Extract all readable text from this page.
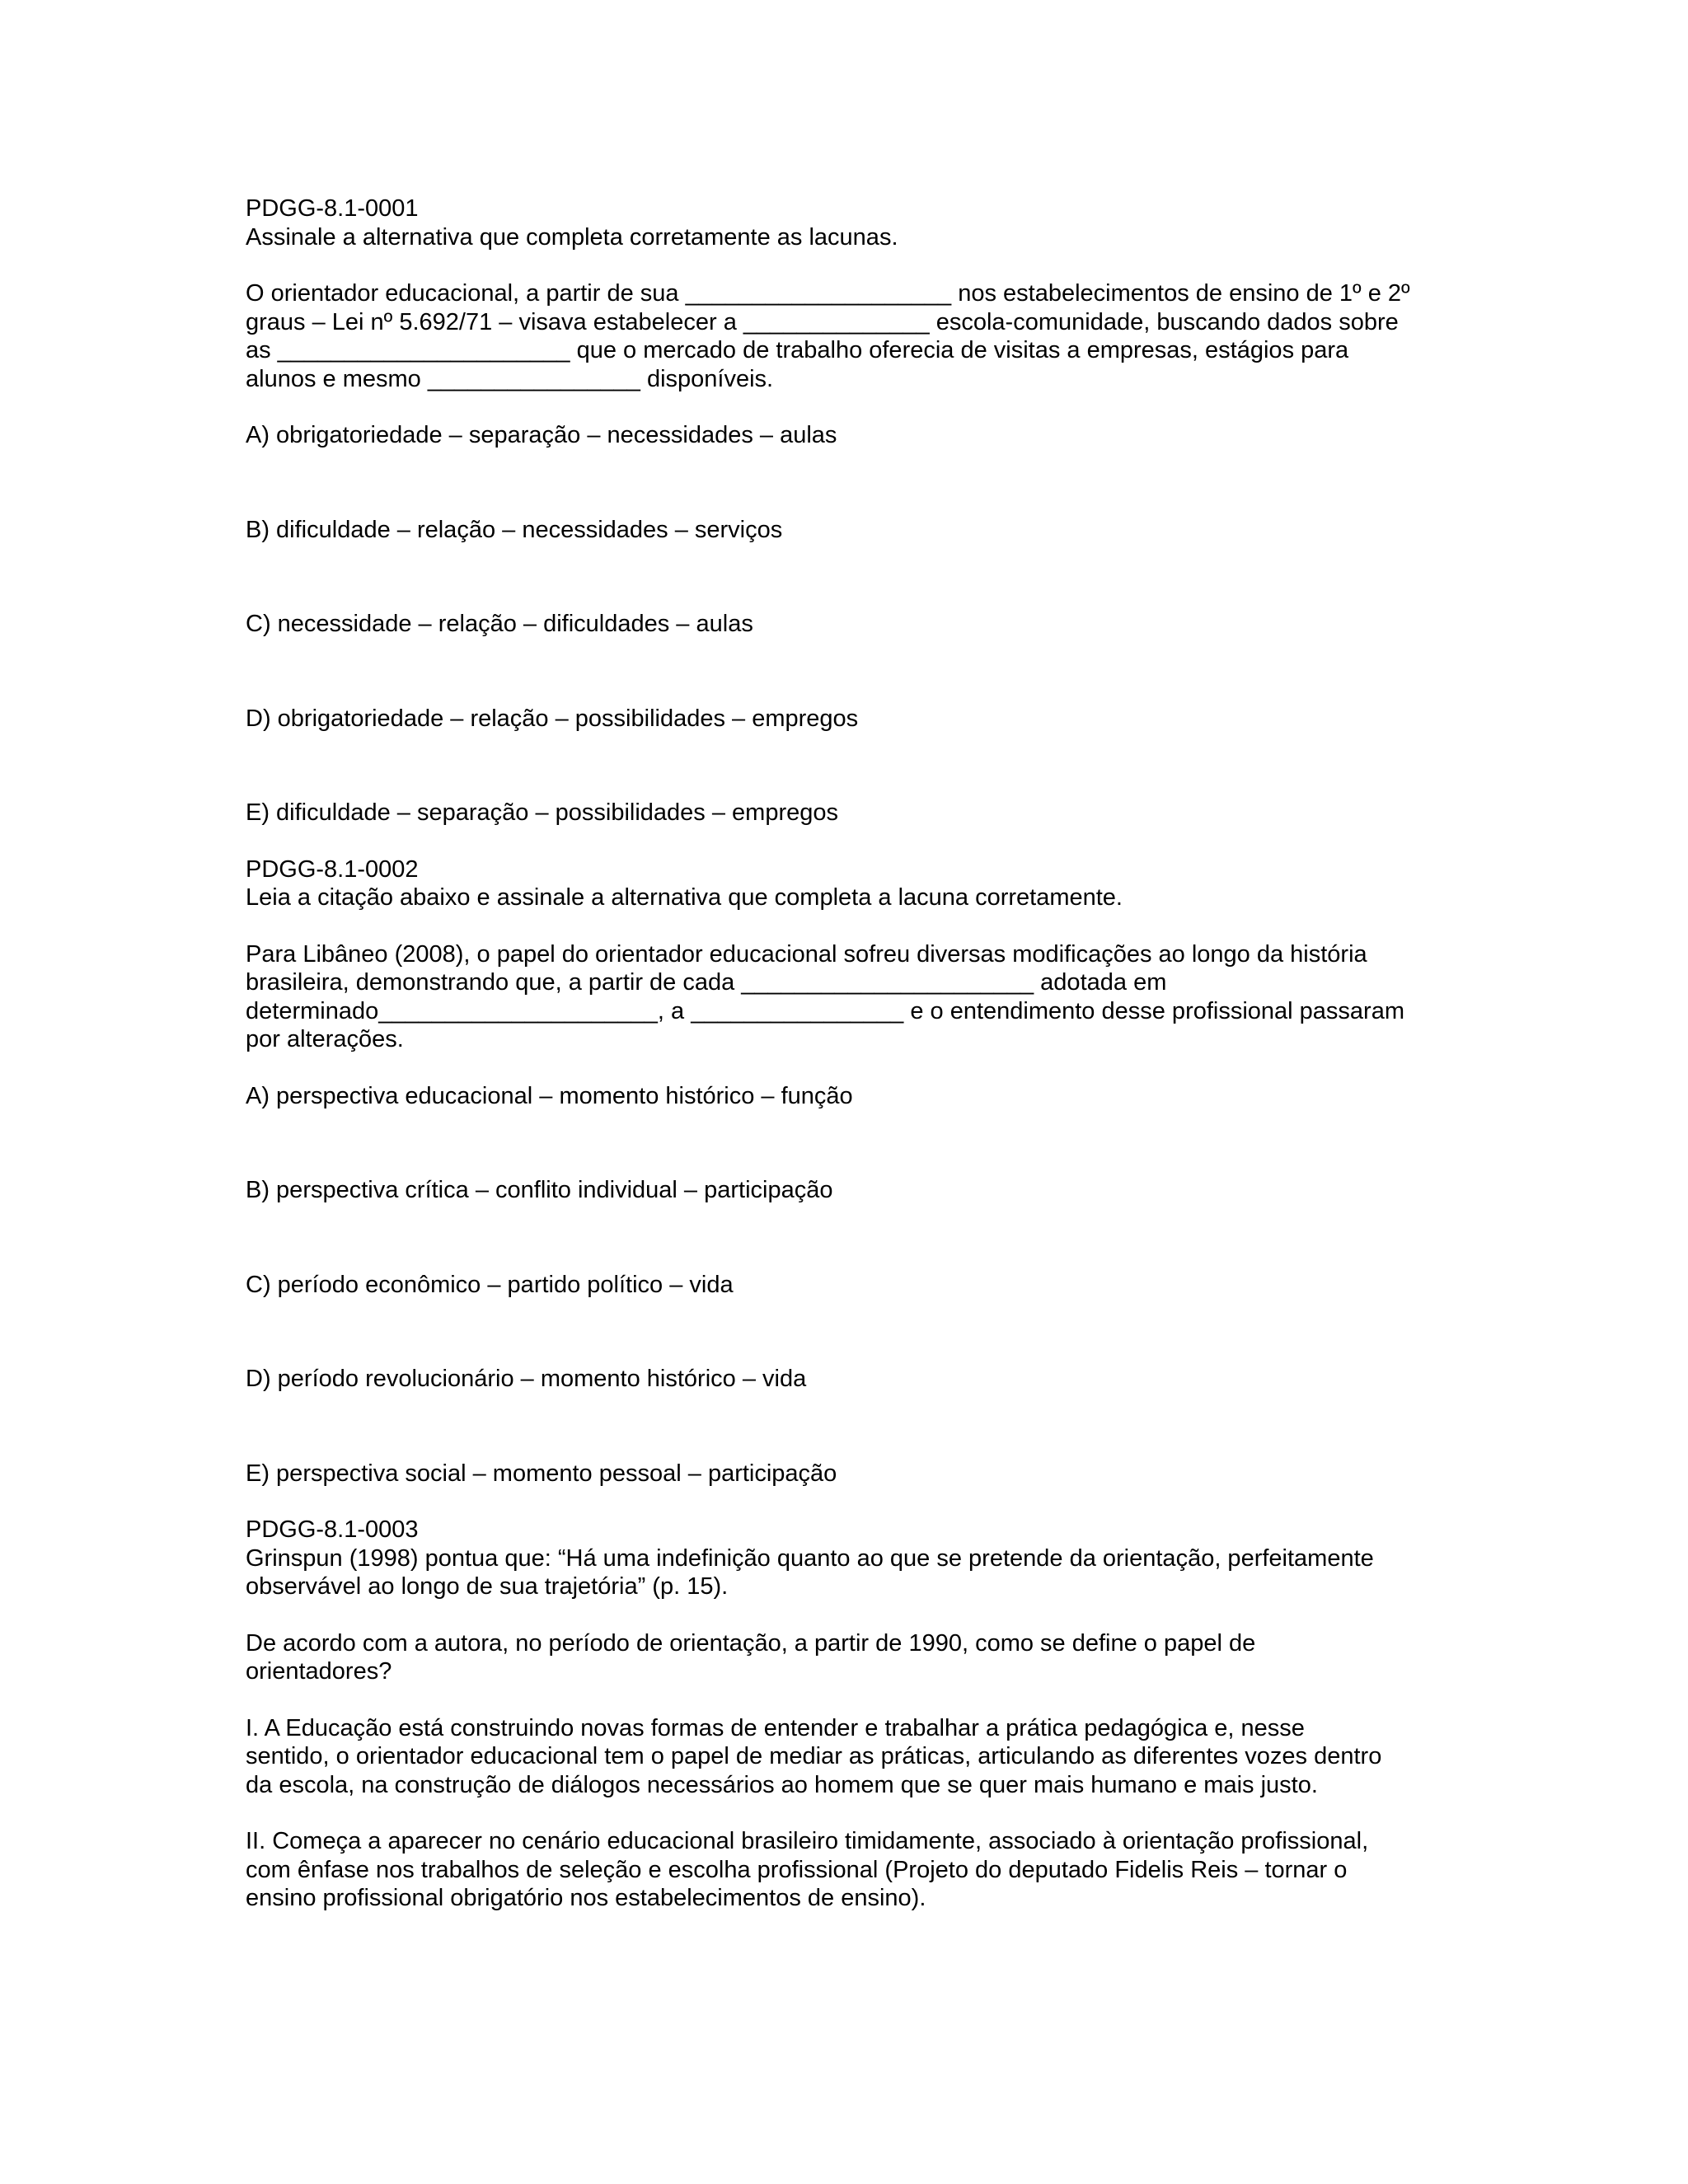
PDGG-8.1-0001

Assinale a alternativa que completa corretamente as lacunas.

O orientador educacional, a partir de sua ____________________ nos estabelecimentos de ensino de 1º e 2º

graus – Lei nº 5.692/71 – visava estabelecer a ______________ escola-comunidade, buscando dados sobre

as ______________________ que o mercado de trabalho oferecia de visitas a empresas, estágios para

alunos e mesmo ________________ disponíveis.

A) obrigatoriedade – separação – necessidades – aulas

B) dificuldade – relação – necessidades – serviços

C) necessidade – relação – dificuldades – aulas

D) obrigatoriedade – relação – possibilidades – empregos

E) dificuldade – separação – possibilidades – empregos

PDGG-8.1-0002

Leia a citação abaixo e assinale a alternativa que completa a lacuna corretamente.

Para Libâneo (2008), o papel do orientador educacional sofreu diversas modificações ao longo da história

brasileira, demonstrando que, a partir de cada ______________________ adotada em

determinado_____________________, a ________________ e o entendimento desse profissional passaram

por alterações.

A) perspectiva educacional – momento histórico – função

B) perspectiva crítica – conflito individual – participação

C) período econômico – partido político – vida

D) período revolucionário – momento histórico – vida

E) perspectiva social – momento pessoal – participação

PDGG-8.1-0003

Grinspun (1998) pontua que: “Há uma indefinição quanto ao que se pretende da orientação, perfeitamente

observável ao longo de sua trajetória” (p. 15).

De acordo com a autora, no período de orientação, a partir de 1990, como se define o papel de

orientadores?

I. A Educação está construindo novas formas de entender e trabalhar a prática pedagógica e, nesse

sentido, o orientador educacional tem o papel de mediar as práticas, articulando as diferentes vozes dentro

da escola, na construção de diálogos necessários ao homem que se quer mais humano e mais justo.

II. Começa a aparecer no cenário educacional brasileiro timidamente, associado à orientação profissional,

com ênfase nos trabalhos de seleção e escolha profissional (Projeto do deputado Fidelis Reis – tornar o

ensino profissional obrigatório nos estabelecimentos de ensino).
